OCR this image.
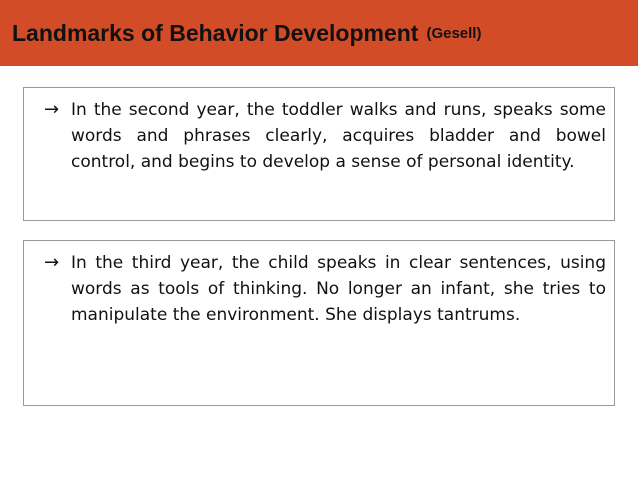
Landmarks of Behavior Development (Gesell)
→ In the second year, the toddler walks and runs, speaks some words and phrases clearly, acquires bladder and bowel control, and begins to develop a sense of personal identity.

→ In the third year, the child speaks in clear sentences, using words as tools of thinking. No longer an infant, she tries to manipulate the environment. She displays tantrums.
